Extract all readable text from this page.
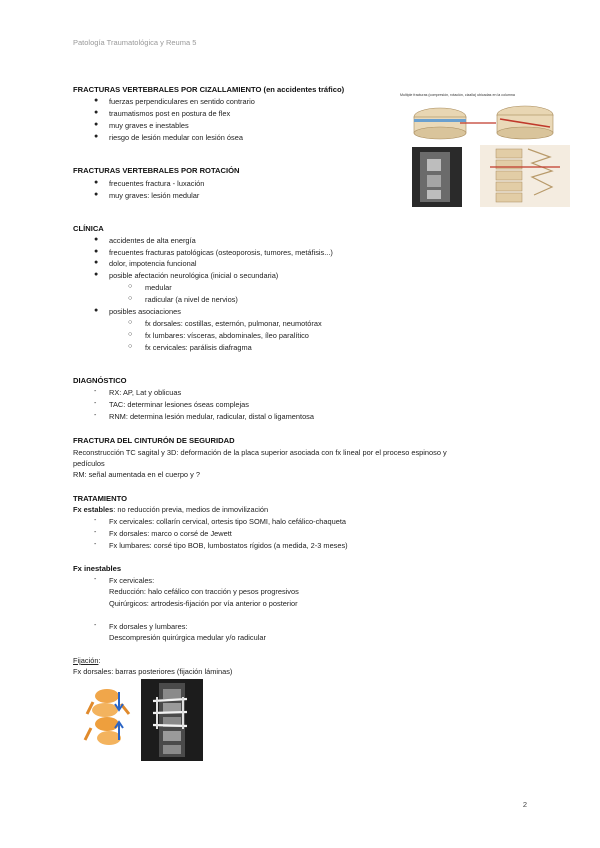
Patología Traumatológica y Reuma 5
FRACTURAS VERTEBRALES POR CIZALLAMIENTO (en accidentes tráfico)
● fuerzas perpendiculares en sentido contrario
● traumatismos post en postura de flex
● muy graves e inestables
● riesgo de lesión medular con lesión ósea
Multiple fracturas (compresión, rotación, cizalla) ubicadas en la columna
FRACTURAS VERTEBRALES POR ROTACIÓN
● frecuentes fractura - luxación
● muy graves: lesión medular
CLÍNICA
● accidentes de alta energía
● frecuentes fracturas patológicas (osteoporosis, tumores, metáfisis...)
● dolor, impotencia funcional
● posible afectación neurológica (inicial o secundaria)
○ medular
○ radicular (a nivel de nervios)
● posibles asociaciones
○ fx dorsales: costillas, esternón, pulmonar, neumotórax
○ fx lumbares: vísceras, abdominales, íleo paralítico
○ fx cervicales: parálisis diafragma
DIAGNÓSTICO
- RX: AP, Lat y oblicuas
- TAC: determinar lesiones óseas complejas
- RNM: determina lesión medular, radicular, distal o ligamentosa
FRACTURA DEL CINTURÓN DE SEGURIDAD
Reconstrucción TC sagital y 3D: deformación de la placa superior asociada con fx lineal por el proceso espinoso y
pedículos
RM: señal aumentada en el cuerpo y ?
TRATAMIENTO
Fx estables: no reducción previa, medios de inmovilización
- Fx cervicales: collarín cervical, ortesis tipo SOMI, halo cefálico-chaqueta
- Fx dorsales: marco o corsé de Jewett
- Fx lumbares: corsé tipo BOB, lumbostatos rígidos (a medida, 2-3 meses)
Fx inestables
- Fx cervicales:
Reducción: halo cefálico con tracción y pesos progresivos
Quirúrgicos: artrodesis-fijación por vía anterior o posterior
- Fx dorsales y lumbares:
Descompresión quirúrgica medular y/o radicular
Fijación:
Fx dorsales: barras posteriores (fijación láminas)
2
